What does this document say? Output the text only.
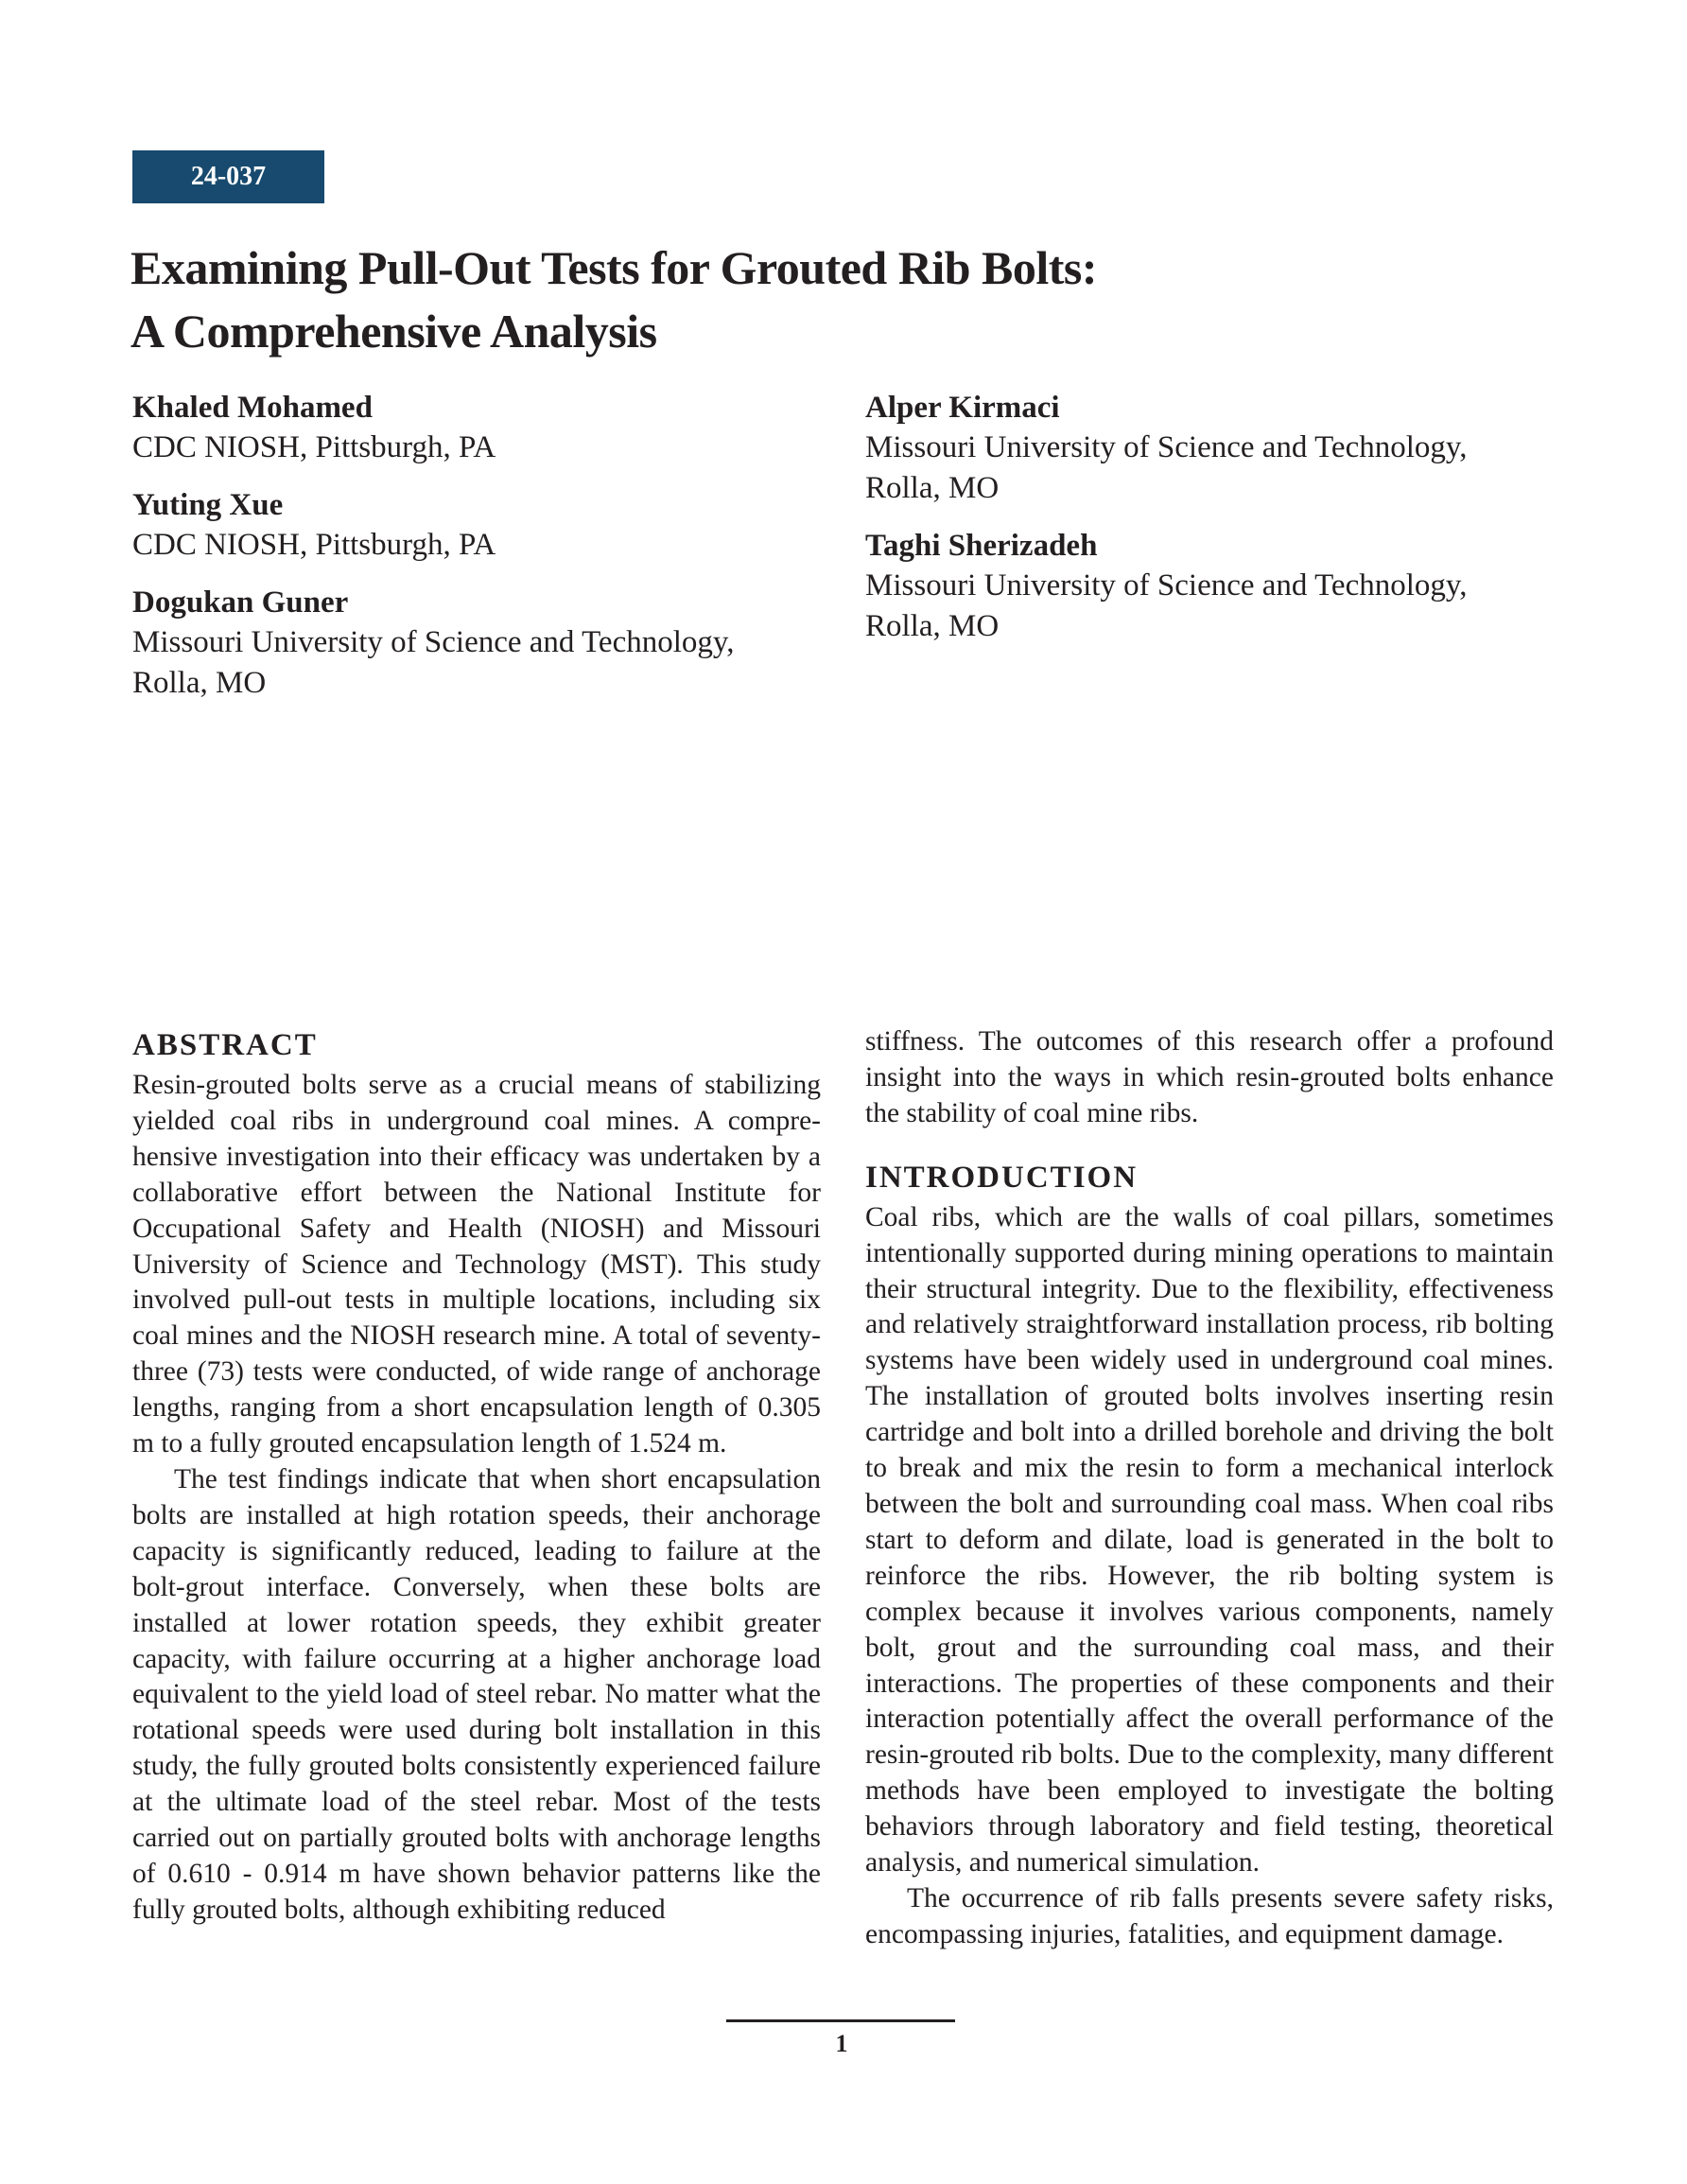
24-037
Examining Pull-Out Tests for Grouted Rib Bolts:
A Comprehensive Analysis
Khaled Mohamed
CDC NIOSH, Pittsburgh, PA
Yuting Xue
CDC NIOSH, Pittsburgh, PA
Dogukan Guner
Missouri University of Science and Technology,
Rolla, MO
Alper Kirmaci
Missouri University of Science and Technology,
Rolla, MO
Taghi Sherizadeh
Missouri University of Science and Technology,
Rolla, MO
ABSTRACT

Resin-grouted bolts serve as a crucial means of stabilizing yielded coal ribs in underground coal mines. A comprehensive investigation into their efficacy was undertaken by a collaborative effort between the National Institute for Occupational Safety and Health (NIOSH) and Missouri University of Science and Technology (MST). This study involved pull-out tests in multiple locations, including six coal mines and the NIOSH research mine. A total of seventy-three (73) tests were conducted, of wide range of anchorage lengths, ranging from a short encapsulation length of 0.305 m to a fully grouted encapsulation length of 1.524 m.

The test findings indicate that when short encapsulation bolts are installed at high rotation speeds, their anchorage capacity is significantly reduced, leading to failure at the bolt-grout interface. Conversely, when these bolts are installed at lower rotation speeds, they exhibit greater capacity, with failure occurring at a higher anchorage load equivalent to the yield load of steel rebar. No matter what the rotational speeds were used during bolt installation in this study, the fully grouted bolts consistently experienced failure at the ultimate load of the steel rebar. Most of the tests carried out on partially grouted bolts with anchorage lengths of 0.610 - 0.914 m have shown behavior patterns like the fully grouted bolts, although exhibiting reduced

stiffness. The outcomes of this research offer a profound insight into the ways in which resin-grouted bolts enhance the stability of coal mine ribs.

INTRODUCTION

Coal ribs, which are the walls of coal pillars, sometimes intentionally supported during mining operations to maintain their structural integrity. Due to the flexibility, effectiveness and relatively straightforward installation process, rib bolting systems have been widely used in underground coal mines. The installation of grouted bolts involves inserting resin cartridge and bolt into a drilled borehole and driving the bolt to break and mix the resin to form a mechanical interlock between the bolt and surrounding coal mass. When coal ribs start to deform and dilate, load is generated in the bolt to reinforce the ribs. However, the rib bolting system is complex because it involves various components, namely bolt, grout and the surrounding coal mass, and their interactions. The properties of these components and their interaction potentially affect the overall performance of the resin-grouted rib bolts. Due to the complexity, many different methods have been employed to investigate the bolting behaviors through laboratory and field testing, theoretical analysis, and numerical simulation.

The occurrence of rib falls presents severe safety risks, encompassing injuries, fatalities, and equipment damage.

1
